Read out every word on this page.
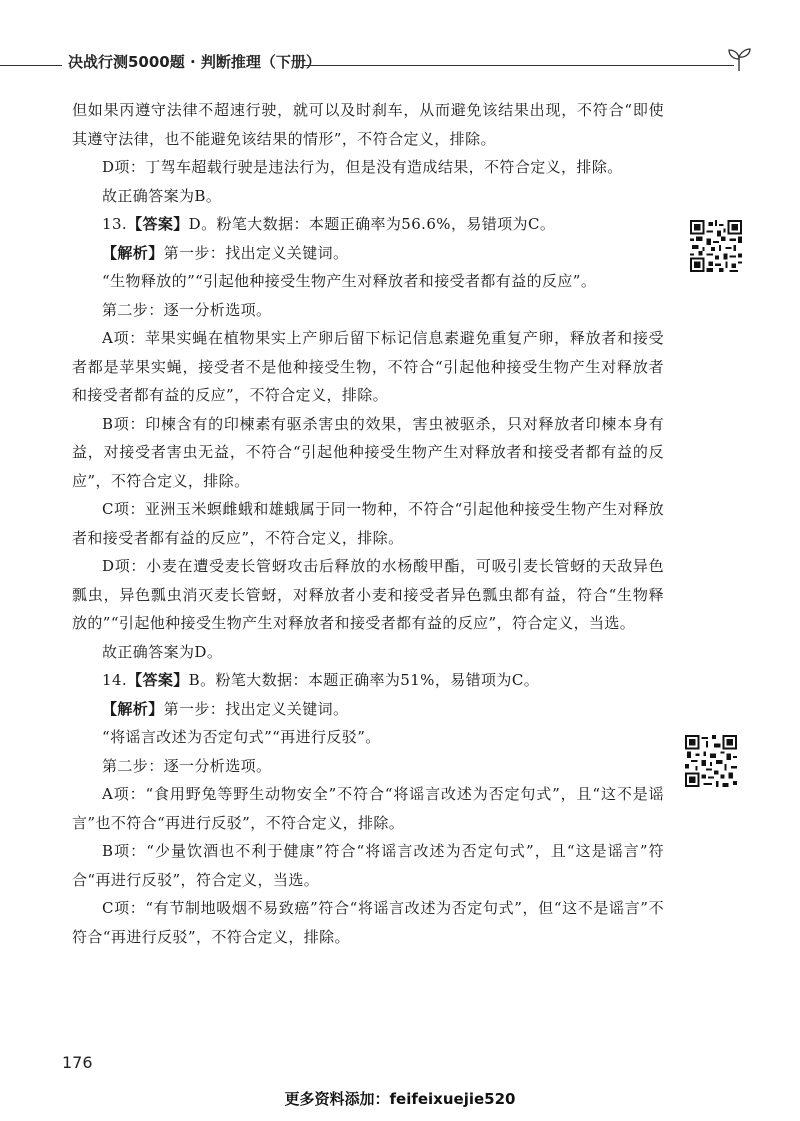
决战行测5000题 · 判断推理（下册）

但如果丙遵守法律不超速行驶，就可以及时刹车，从而避免该结果出现，不符合“即使其遵守法律，也不能避免该结果的情形”，不符合定义，排除。

D项：丁驾车超载行驶是违法行为，但是没有造成结果，不符合定义，排除。

故正确答案为B。

13.【答案】D。粉笔大数据：本题正确率为56.6%，易错项为C。

【解析】第一步：找出定义关键词。

“生物释放的”“引起他种接受生物产生对释放者和接受者都有益的反应”。

第二步：逐一分析选项。

A项：苹果实蝇在植物果实上产卵后留下标记信息素避免重复产卵，释放者和接受者都是苹果实蝇，接受者不是他种接受生物，不符合“引起他种接受生物产生对释放者和接受者都有益的反应”，不符合定义，排除。

B项：印楝含有的印楝素有驱杀害虫的效果，害虫被驱杀，只对释放者印楝本身有益，对接受者害虫无益，不符合“引起他种接受生物产生对释放者和接受者都有益的反应”，不符合定义，排除。

C项：亚洲玉米螟雌蛾和雄蛾属于同一物种，不符合“引起他种接受生物产生对释放者和接受者都有益的反应”，不符合定义，排除。

D项：小麦在遭受麦长管蚜攻击后释放的水杨酸甲酯，可吸引麦长管蚜的天敌异色瓢虫，异色瓢虫消灭麦长管蚜，对释放者小麦和接受者异色瓢虫都有益，符合“生物释放的”“引起他种接受生物产生对释放者和接受者都有益的反应”，符合定义，当选。

故正确答案为D。

14.【答案】B。粉笔大数据：本题正确率为51%，易错项为C。

【解析】第一步：找出定义关键词。

“将谣言改述为否定句式”“再进行反驳”。

第二步：逐一分析选项。

A项：“食用野兔等野生动物安全”不符合“将谣言改述为否定句式”，且“这不是谣言”也不符合“再进行反驳”，不符合定义，排除。

B项：“少量饮酒也不利于健康”符合“将谣言改述为否定句式”，且“这是谣言”符合“再进行反驳”，符合定义，当选。

C项：“有节制地吸烟不易致癌”符合“将谣言改述为否定句式”，但“这不是谣言”不符合“再进行反驳”，不符合定义，排除。

176
更多资料添加：feifeixuejie520
